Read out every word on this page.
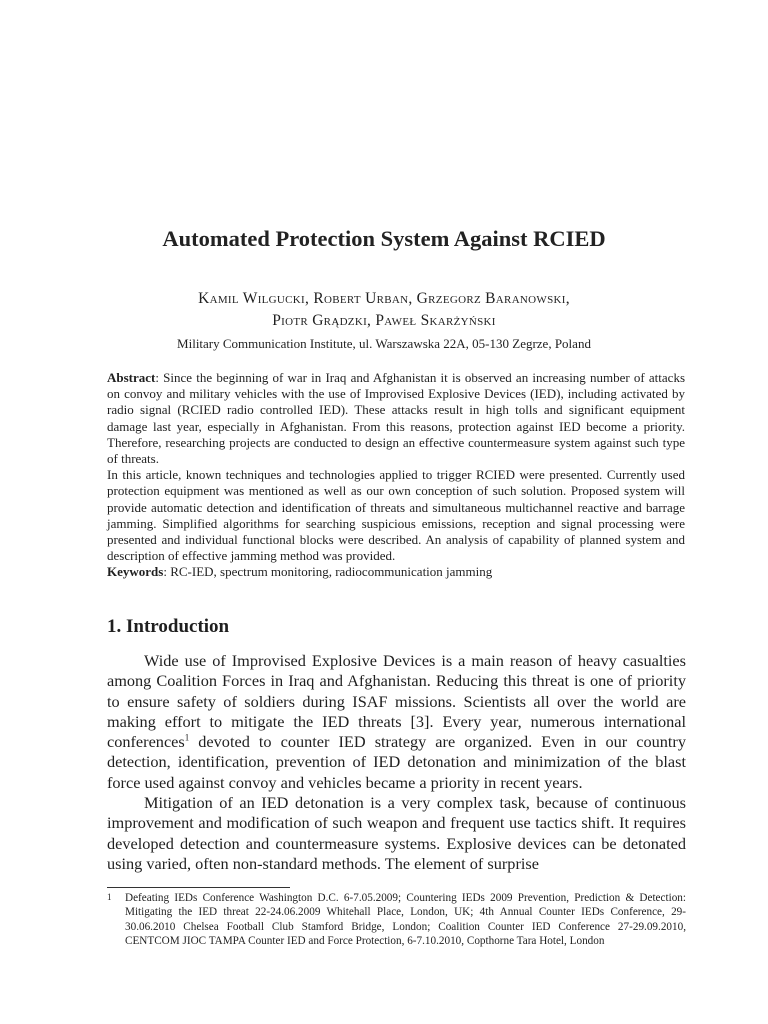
Automated Protection System Against RCIED
Kamil Wilgucki, Robert Urban, Grzegorz Baranowski,
Piotr Grądzki, Paweł Skarżyński
Military Communication Institute, ul. Warszawska 22A, 05-130 Zegrze, Poland

Abstract: Since the beginning of war in Iraq and Afghanistan it is observed an increasing number of attacks on convoy and military vehicles with the use of Improvised Explosive Devices (IED), including activated by radio signal (RCIED radio controlled IED). These attacks result in high tolls and significant equipment damage last year, especially in Afghanistan. From this reasons, protection against IED become a priority. Therefore, researching projects are conducted to design an effective countermeasure system against such type of threats.

In this article, known techniques and technologies applied to trigger RCIED were presented. Currently used protection equipment was mentioned as well as our own conception of such solution. Proposed system will provide automatic detection and identification of threats and simultaneous multichannel reactive and barrage jamming. Simplified algorithms for searching suspicious emissions, reception and signal processing were presented and individual functional blocks were described. An analysis of capability of planned system and description of effective jamming method was provided.

Keywords: RC-IED, spectrum monitoring, radiocommunication jamming

1. Introduction

Wide use of Improvised Explosive Devices is a main reason of heavy casualties among Coalition Forces in Iraq and Afghanistan. Reducing this threat is one of priority to ensure safety of soldiers during ISAF missions. Scientists all over the world are making effort to mitigate the IED threats [3]. Every year, numerous international conferences$^1$ devoted to counter IED strategy are organized. Even in our country detection, identification, prevention of IED detonation and minimization of the blast force used against convoy and vehicles became a priority in recent years.

Mitigation of an IED detonation is a very complex task, because of continuous improvement and modification of such weapon and frequent use tactics shift. It requires developed detection and countermeasure systems. Explosive devices can be detonated using varied, often non-standard methods. The element of surprise

1 Defeating IEDs Conference Washington D.C. 6-7.05.2009; Countering IEDs 2009 Prevention, Prediction & Detection: Mitigating the IED threat 22-24.06.2009 Whitehall Place, London, UK; 4th Annual Counter IEDs Conference, 29-30.06.2010 Chelsea Football Club Stamford Bridge, London; Coalition Counter IED Conference 27-29.09.2010, CENTCOM JIOC TAMPA Counter IED and Force Protection, 6-7.10.2010, Copthorne Tara Hotel, London
